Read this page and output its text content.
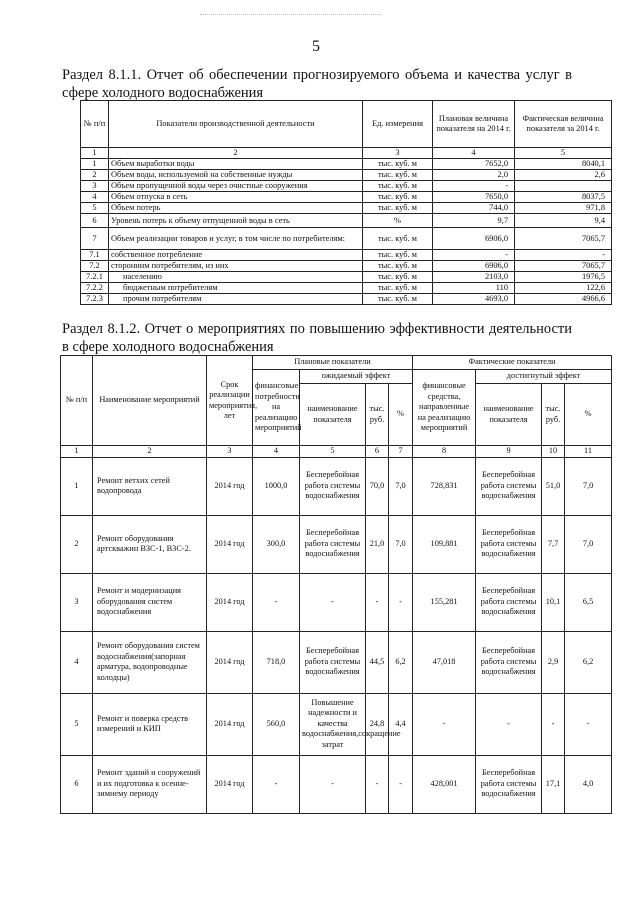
5
Раздел 8.1.1. Отчет об обеспечении прогнозируемого объема и качества услуг в сфере холодного водоснабжения
№ п/п	Показатели производственной деятельности	Ед. измерения	Плановая величина показателя на 2014 г.	Фактическая величина показателя за 2014 г.
1	2	3	4	5
1	Объем выработки воды	тыс. куб. м	7652,0	8040,1
2	Объем воды, используемой на собственные нужды	тыс. куб. м	2,0	2,6
3	Объем пропущенной воды через очистные сооружения	тыс. куб. м	-	
4	Объем отпуска в сеть	тыс. куб. м	7650,0	8037,5
5	Объем потерь	тыс. куб. м	744,0	971,8
6	Уровень потерь к объему отпущенной воды в сеть	%	9,7	9,4
7	Объем реализации товаров и услуг, в том числе по потребителям:	тыс. куб. м	6906,0	7065,7
7.1	собственное потребление	тыс. куб. м	-	-
7.2	сторонним потребителям, из них	тыс. куб. м	6906,0	7065,7
7.2.1	населению	тыс. куб. м	2103,0	1976,5
7.2.2	бюджетным потребителям	тыс. куб. м	110	122,6
7.2.3	прочим потребителям	тыс. куб. м	4693,0	4966,6
Раздел 8.1.2. Отчет о мероприятиях по повышению эффективности деятельности в сфере холодного водоснабжения
№ п/п	Наименование мероприятий	Срок реализации мероприятия, лет	Плановые показатели				Фактические показатели			
			финансовые потребности на реализацию мероприятий	ожидаемый эффект			финансовые средства, направленные на реализацию мероприятий	достигнутый эффект		
				наименование показателя	тыс. руб.	%		наименование показателя	тыс. руб.	%
1	2	3	4	5	6	7	8	9	10	11
1	Ремонт ветхих сетей водопровода	2014 год	1000,0	Бесперебойная работа системы водоснабжения	70,0	7,0	728,831	Бесперебойная работа системы водоснабжения	51,0	7,0
2	Ремонт оборудования артскважин ВЗС-1, ВЗС-2.	2014 год	300,0	Бесперебойная работа системы водоснабжения	21,0	7,0	109,881	Бесперебойная работа системы водоснабжения	7,7	7,0
3	Ремонт и модернизация оборудования систем водоснабжения	2014 год	-	-	-	-	155,281	Бесперебойная работа системы водоснабжения	10,1	6,5
4	Ремонт оборудования систем водоснабжения(запорная арматура, водопроводные колодцы)	2014 год	718,0	Бесперебойная работа системы водоснабжения	44,5	6,2	47,018	Бесперебойная работа системы водоснабжения	2,9	6,2
5	Ремонт и поверка средств измерений и КИП	2014 год	560,0	Повышение надежности и качества водоснабжения,сокращение затрат	24,8	4,4	-	-	-	-
6	Ремонт зданий и сооружений и их подготовка к осенне-зимнему периоду	2014 год	-	-	-	-	428,001	Бесперебойная работа системы водоснабжения	17,1	4,0
